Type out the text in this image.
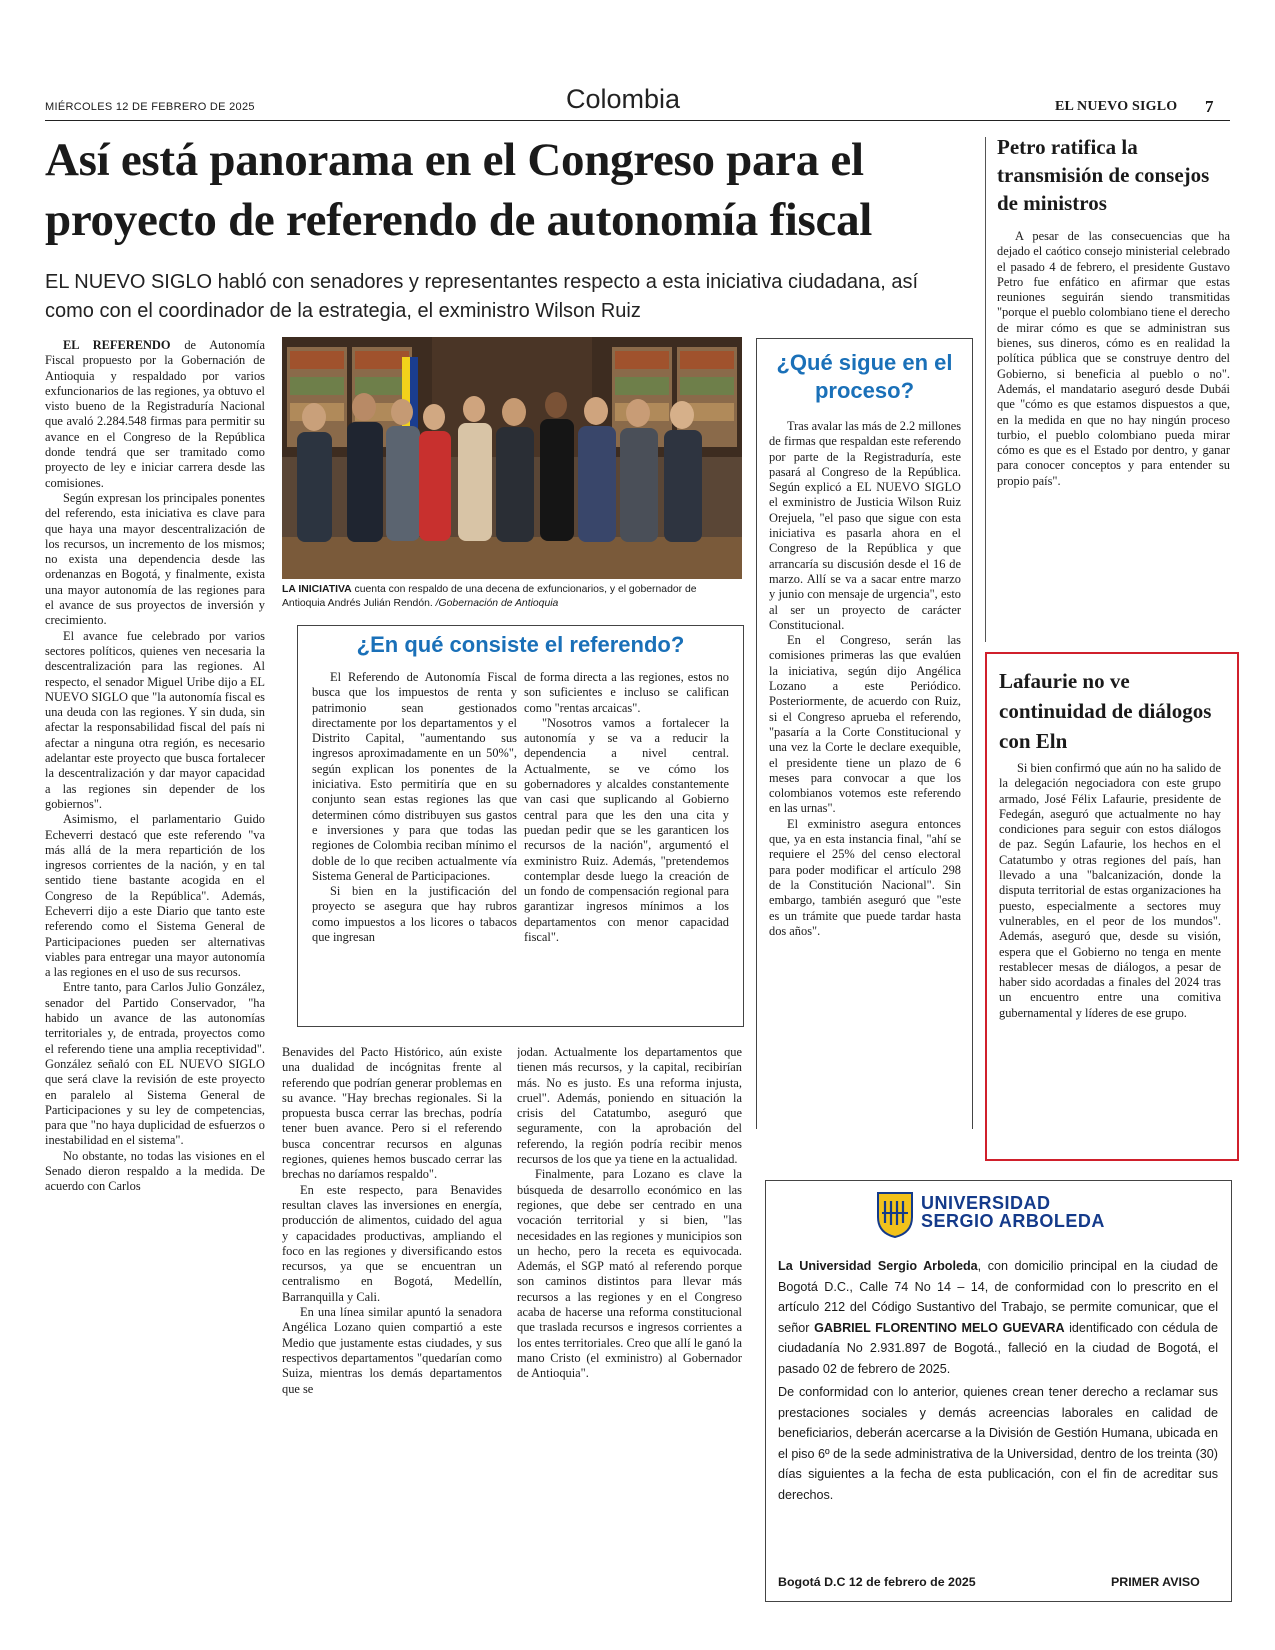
MIÉRCOLES 12 DE FEBRERO DE 2025	Colombia	EL NUEVO SIGLO 7
Así está panorama en el Congreso para el proyecto de referendo de autonomía fiscal

EL NUEVO SIGLO habló con senadores y representantes respecto a esta iniciativa ciudadana, así como con el coordinador de la estrategia, el exministro Wilson Ruiz

EL REFERENDO de Autonomía Fiscal propuesto por la Gobernación de Antioquia y respaldado por varios exfuncionarios de las regiones, ya obtuvo el visto bueno de la Registraduría Nacional que avaló 2.284.548 firmas para permitir su avance en el Congreso de la República donde tendrá que ser tramitado como proyecto de ley e iniciar carrera desde las comisiones.

Según expresan los principales ponentes del referendo, esta iniciativa es clave para que haya una mayor descentralización de los recursos, un incremento de los mismos; no exista una dependencia desde las ordenanzas en Bogotá, y finalmente, exista una mayor autonomía de las regiones para el avance de sus proyectos de inversión y crecimiento.

El avance fue celebrado por varios sectores políticos, quienes ven necesaria la descentralización para las regiones. Al respecto, el senador Miguel Uribe dijo a EL NUEVO SIGLO que "la autonomía fiscal es una deuda con las regiones. Y sin duda, sin afectar la responsabilidad fiscal del país ni afectar a ninguna otra región, es necesario adelantar este proyecto que busca fortalecer la descentralización y dar mayor capacidad a las regiones sin depender de los gobiernos".

Asimismo, el parlamentario Guido Echeverri destacó que este referendo "va más allá de la mera repartición de los ingresos corrientes de la nación, y en tal sentido tiene bastante acogida en el Congreso de la República". Además, Echeverri dijo a este Diario que tanto este referendo como el Sistema General de Participaciones pueden ser alternativas viables para entregar una mayor autonomía a las regiones en el uso de sus recursos.

Entre tanto, para Carlos Julio González, senador del Partido Conservador, "ha habido un avance de las autonomías territoriales y, de entrada, proyectos como el referendo tiene una amplia receptividad". González señaló con EL NUEVO SIGLO que será clave la revisión de este proyecto en paralelo al Sistema General de Participaciones y su ley de competencias, para que "no haya duplicidad de esfuerzos o inestabilidad en el sistema".

No obstante, no todas las visiones en el Senado dieron respaldo a la medida. De acuerdo con Carlos

LA INICIATIVA cuenta con respaldo de una decena de exfuncionarios, y el gobernador de Antioquia Andrés Julián Rendón. /Gobernación de Antioquia

¿En qué consiste el referendo?

El Referendo de Autonomía Fiscal busca que los impuestos de renta y patrimonio sean gestionados directamente por los departamentos y el Distrito Capital, "aumentando sus ingresos aproximadamente en un 50%", según explican los ponentes de la iniciativa. Esto permitiría que en su conjunto sean estas regiones las que determinen cómo distribuyen sus gastos e inversiones y para que todas las regiones de Colombia reciban mínimo el doble de lo que reciben actualmente vía Sistema General de Participaciones.

Si bien en la justificación del proyecto se asegura que hay rubros como impuestos a los licores o tabacos que ingresan

de forma directa a las regiones, estos no son suficientes e incluso se califican como "rentas arcaicas".

"Nosotros vamos a fortalecer la autonomía y se va a reducir la dependencia a nivel central. Actualmente, se ve cómo los gobernadores y alcaldes constantemente van casi que suplicando al Gobierno central para que les den una cita y puedan pedir que se les garanticen los recursos de la nación", argumentó el exministro Ruiz. Además, "pretendemos contemplar desde luego la creación de un fondo de compensación regional para garantizar ingresos mínimos a los departamentos con menor capacidad fiscal".

Benavides del Pacto Histórico, aún existe una dualidad de incógnitas frente al referendo que podrían generar problemas en su avance. "Hay brechas regionales. Si la propuesta busca cerrar las brechas, podría tener buen avance. Pero si el referendo busca concentrar recursos en algunas regiones, quienes hemos buscado cerrar las brechas no daríamos respaldo".

En este respecto, para Benavides resultan claves las inversiones en energía, producción de alimentos, cuidado del agua y capacidades productivas, ampliando el foco en las regiones y diversificando estos recursos, ya que se encuentran un centralismo en Bogotá, Medellín, Barranquilla y Cali.

En una línea similar apuntó la senadora Angélica Lozano quien compartió a este Medio que justamente estas ciudades, y sus respectivos departamentos "quedarían como Suiza, mientras los demás departamentos que se

jodan. Actualmente los departamentos que tienen más recursos, y la capital, recibirían más. No es justo. Es una reforma injusta, cruel". Además, poniendo en situación la crisis del Catatumbo, aseguró que seguramente, con la aprobación del referendo, la región podría recibir menos recursos de los que ya tiene en la actualidad.

Finalmente, para Lozano es clave la búsqueda de desarrollo económico en las regiones, que debe ser centrado en una vocación territorial y si bien, "las necesidades en las regiones y municipios son un hecho, pero la receta es equivocada. Además, el SGP mató al referendo porque son caminos distintos para llevar más recursos a las regiones y en el Congreso acaba de hacerse una reforma constitucional que traslada recursos e ingresos corrientes a los entes territoriales. Creo que allí le ganó la mano Cristo (el exministro) al Gobernador de Antioquia".

¿Qué sigue en el proceso?

Tras avalar las más de 2.2 millones de firmas que respaldan este referendo por parte de la Registraduría, este pasará al Congreso de la República. Según explicó a EL NUEVO SIGLO el exministro de Justicia Wilson Ruiz Orejuela, "el paso que sigue con esta iniciativa es pasarla ahora en el Congreso de la República y que arrancaría su discusión desde el 16 de marzo. Allí se va a sacar entre marzo y junio con mensaje de urgencia", esto al ser un proyecto de carácter Constitucional.

En el Congreso, serán las comisiones primeras las que evalúen la iniciativa, según dijo Angélica Lozano a este Periódico. Posteriormente, de acuerdo con Ruiz, si el Congreso aprueba el referendo, "pasaría a la Corte Constitucional y una vez la Corte le declare exequible, el presidente tiene un plazo de 6 meses para convocar a que los colombianos votemos este referendo en las urnas".

El exministro asegura entonces que, ya en esta instancia final, "ahí se requiere el 25% del censo electoral para poder modificar el artículo 298 de la Constitución Nacional". Sin embargo, también aseguró que "este es un trámite que puede tardar hasta dos años".

Petro ratifica la transmisión de consejos de ministros

A pesar de las consecuencias que ha dejado el caótico consejo ministerial celebrado el pasado 4 de febrero, el presidente Gustavo Petro fue enfático en afirmar que estas reuniones seguirán siendo transmitidas "porque el pueblo colombiano tiene el derecho de mirar cómo es que se administran sus bienes, sus dineros, cómo es en realidad la política pública que se construye dentro del Gobierno, si beneficia al pueblo o no". Además, el mandatario aseguró desde Dubái que "cómo es que estamos dispuestos a que, en la medida en que no hay ningún proceso turbio, el pueblo colombiano pueda mirar cómo es que es el Estado por dentro, y ganar para conocer conceptos y para entender su propio país".

Lafaurie no ve continuidad de diálogos con Eln

Si bien confirmó que aún no ha salido de la delegación negociadora con este grupo armado, José Félix Lafaurie, presidente de Fedegán, aseguró que actualmente no hay condiciones para seguir con estos diálogos de paz. Según Lafaurie, los hechos en el Catatumbo y otras regiones del país, han llevado a una "balcanización, donde la disputa territorial de estas organizaciones ha puesto, especialmente a sectores muy vulnerables, en el peor de los mundos". Además, aseguró que, desde su visión, espera que el Gobierno no tenga en mente restablecer mesas de diálogos, a pesar de haber sido acordadas a finales del 2024 tras un encuentro entre una comitiva gubernamental y líderes de ese grupo.

UNIVERSIDAD
SERGIO ARBOLEDA

La Universidad Sergio Arboleda, con domicilio principal en la ciudad de Bogotá D.C., Calle 74 No 14 – 14, de conformidad con lo prescrito en el artículo 212 del Código Sustantivo del Trabajo, se permite comunicar, que el señor GABRIEL FLORENTINO MELO GUEVARA identificado con cédula de ciudadanía No 2.931.897 de Bogotá., falleció en la ciudad de Bogotá, el pasado 02 de febrero de 2025.

De conformidad con lo anterior, quienes crean tener derecho a reclamar sus prestaciones sociales y demás acreencias laborales en calidad de beneficiarios, deberán acercarse a la División de Gestión Humana, ubicada en el piso 6º de la sede administrativa de la Universidad, dentro de los treinta (30) días siguientes a la fecha de esta publicación, con el fin de acreditar sus derechos.

Bogotá D.C 12 de febrero de 2025	PRIMER AVISO
